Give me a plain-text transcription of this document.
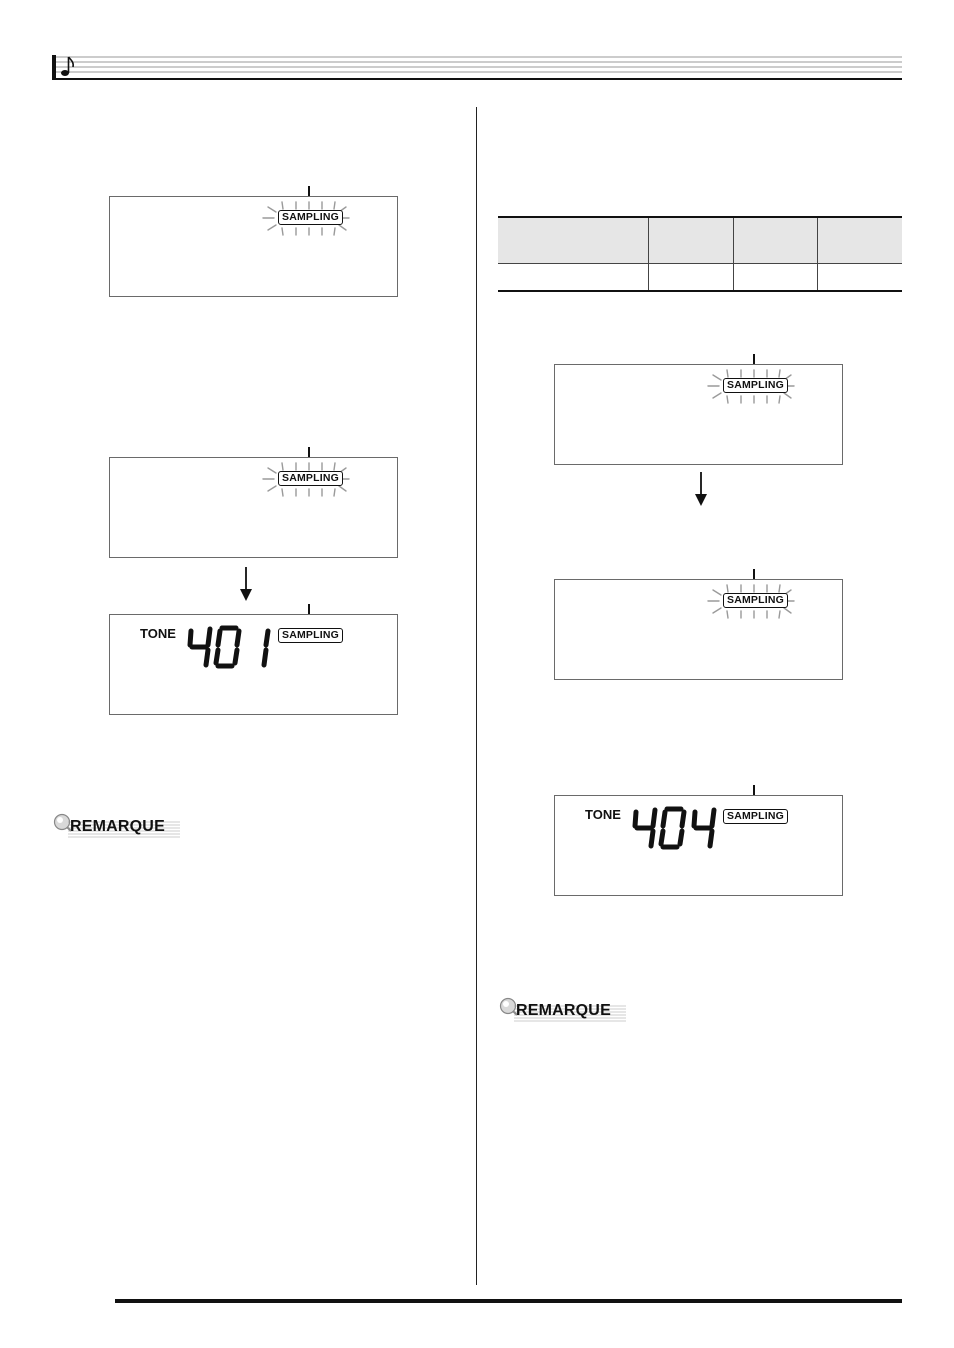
SAMPLING
SAMPLING
TONE	SAMPLING
REMARQUE

SAMPLING
SAMPLING
TONE	SAMPLING
REMARQUE
